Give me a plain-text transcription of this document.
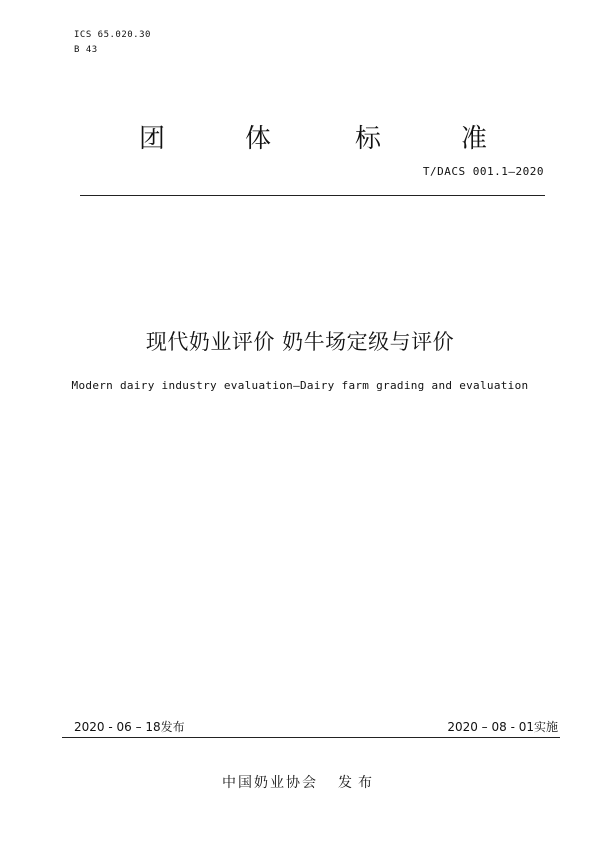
ICS 65.020.30
B 43
团	体	标	准
T/DACS 001.1—2020
现代奶业评价 奶牛场定级与评价
Modern dairy industry evaluation—Dairy farm grading and evaluation
2020 - 06 – 18发布	2020 – 08 - 01实施
中国奶业协会 发布
